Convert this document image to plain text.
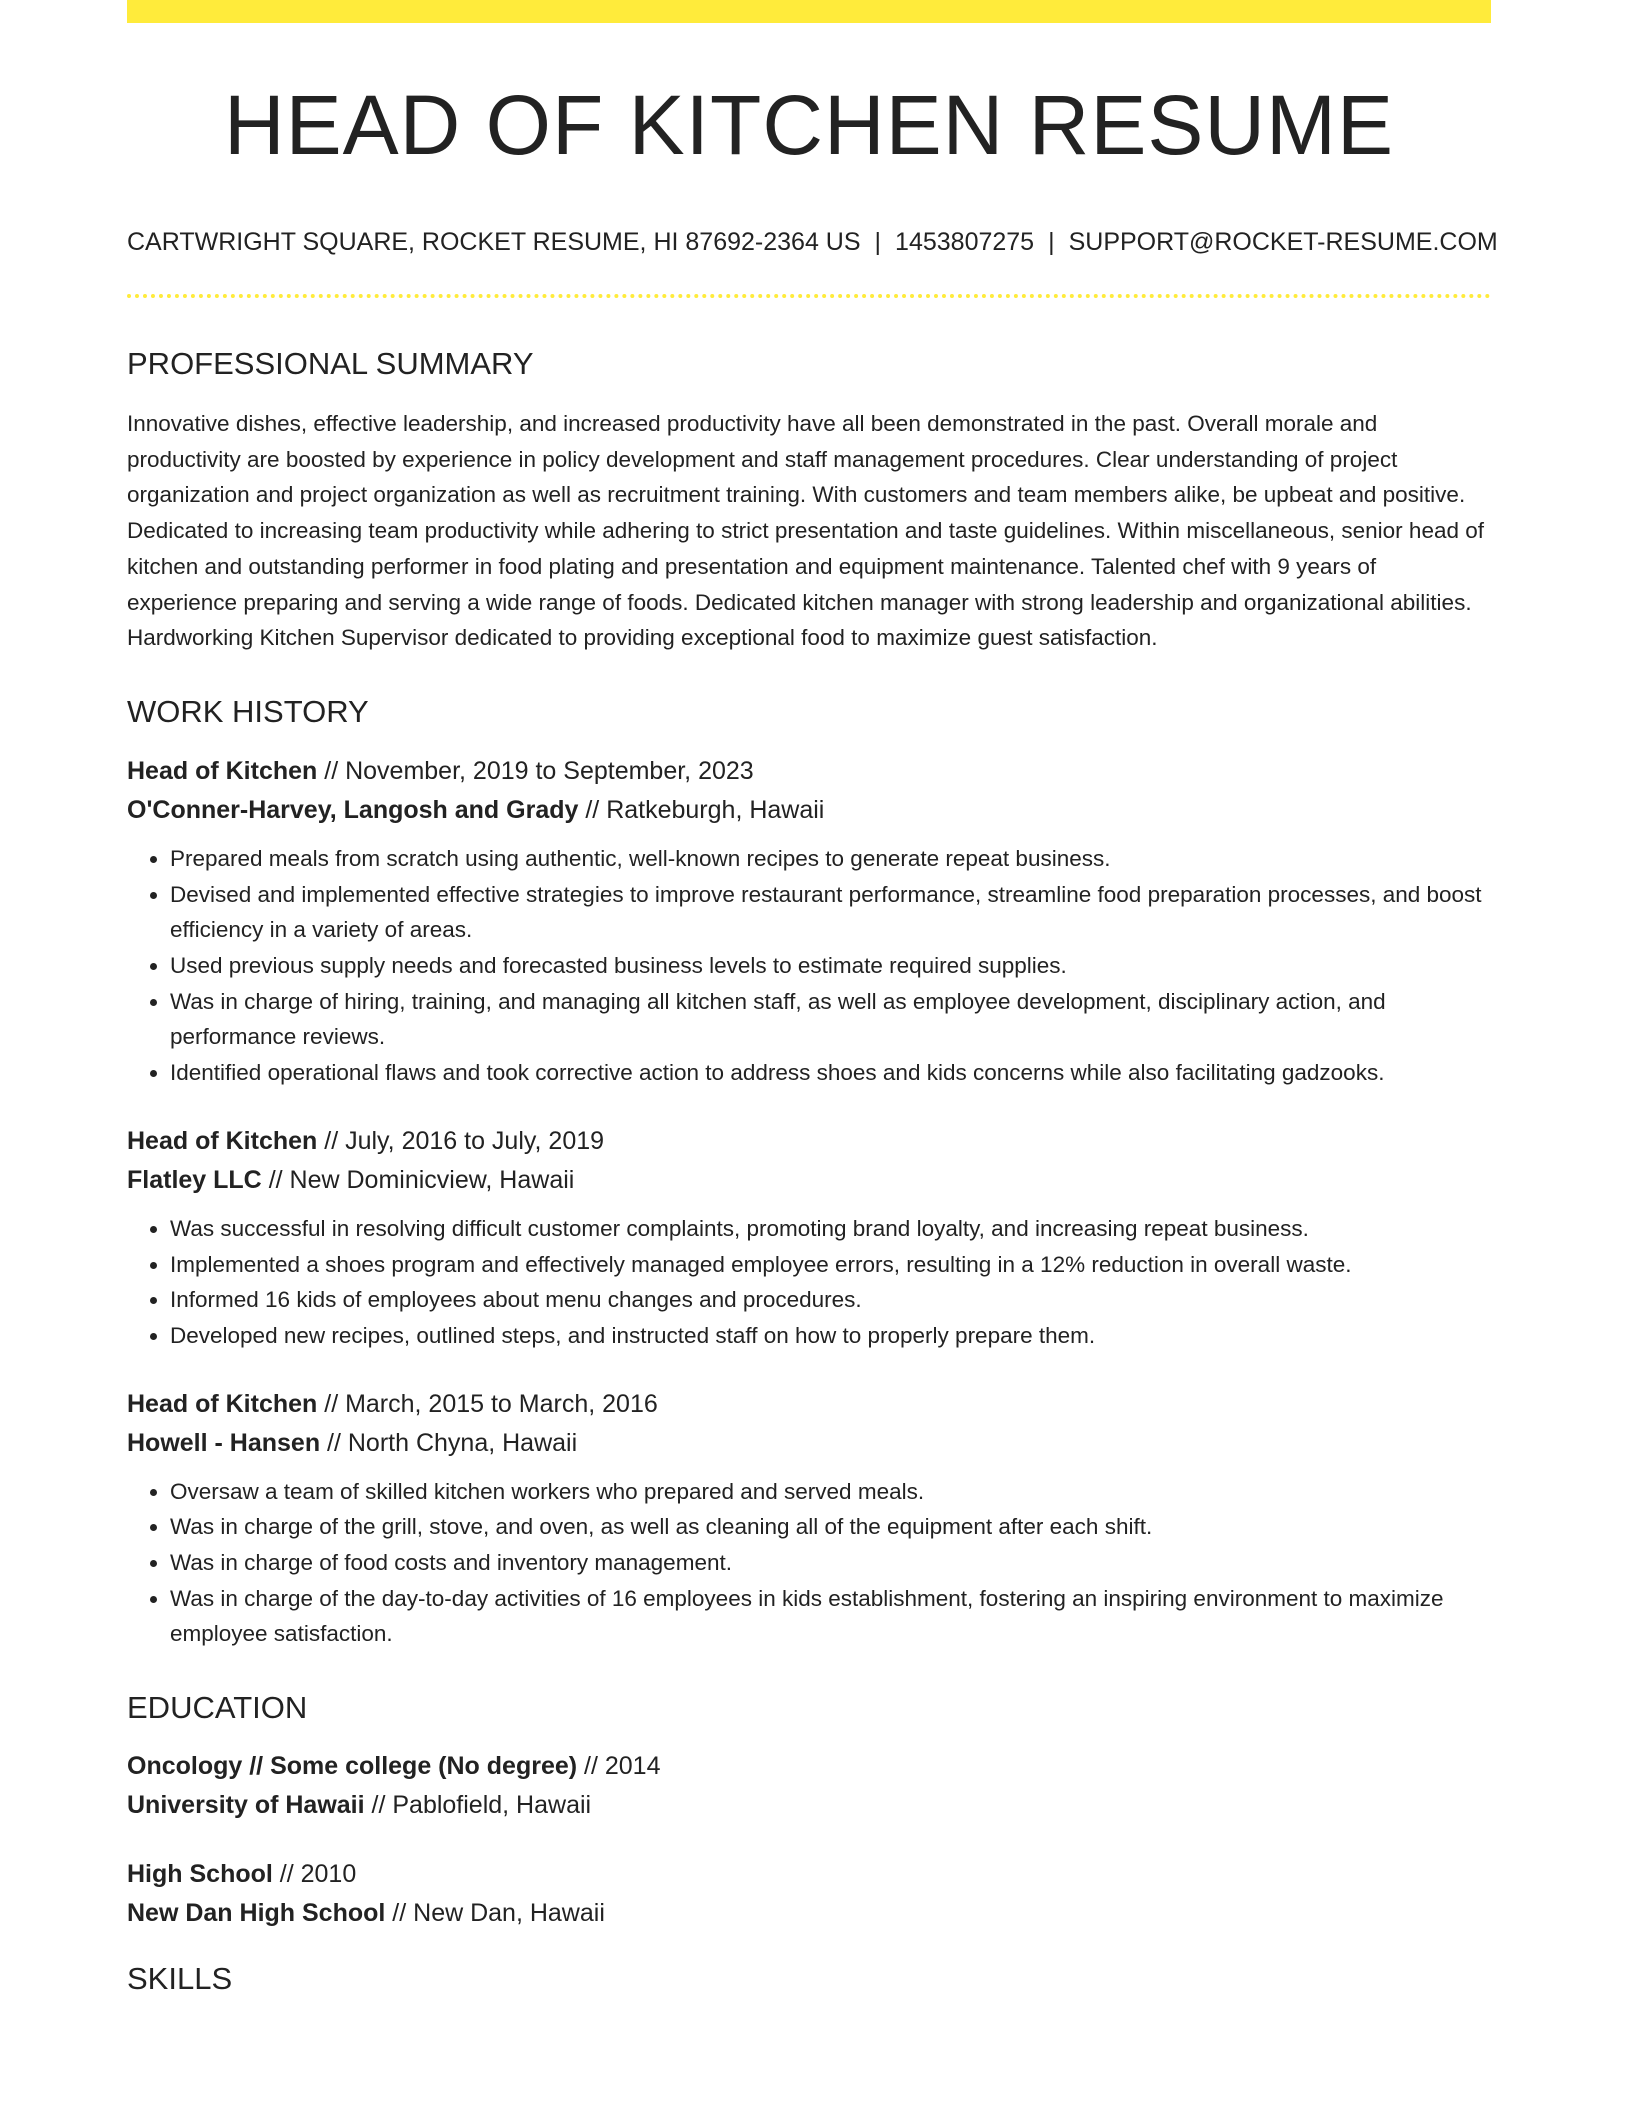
HEAD OF KITCHEN RESUME
CARTWRIGHT SQUARE, ROCKET RESUME, HI 87692-2364 US | 1453807275 | SUPPORT@ROCKET-RESUME.COM
PROFESSIONAL SUMMARY

Innovative dishes, effective leadership, and increased productivity have all been demonstrated in the past. Overall morale and productivity are boosted by experience in policy development and staff management procedures. Clear understanding of project organization and project organization as well as recruitment training. With customers and team members alike, be upbeat and positive. Dedicated to increasing team productivity while adhering to strict presentation and taste guidelines. Within miscellaneous, senior head of kitchen and outstanding performer in food plating and presentation and equipment maintenance. Talented chef with 9 years of experience preparing and serving a wide range of foods. Dedicated kitchen manager with strong leadership and organizational abilities. Hardworking Kitchen Supervisor dedicated to providing exceptional food to maximize guest satisfaction.

WORK HISTORY
Head of Kitchen // November, 2019 to September, 2023
O'Conner-Harvey, Langosh and Grady // Ratkeburgh, Hawaii
• Prepared meals from scratch using authentic, well-known recipes to generate repeat business.
• Devised and implemented effective strategies to improve restaurant performance, streamline food preparation processes, and boost efficiency in a variety of areas.
• Used previous supply needs and forecasted business levels to estimate required supplies.
• Was in charge of hiring, training, and managing all kitchen staff, as well as employee development, disciplinary action, and performance reviews.
• Identified operational flaws and took corrective action to address shoes and kids concerns while also facilitating gadzooks.
Head of Kitchen // July, 2016 to July, 2019
Flatley LLC // New Dominicview, Hawaii
• Was successful in resolving difficult customer complaints, promoting brand loyalty, and increasing repeat business.
• Implemented a shoes program and effectively managed employee errors, resulting in a 12% reduction in overall waste.
• Informed 16 kids of employees about menu changes and procedures.
• Developed new recipes, outlined steps, and instructed staff on how to properly prepare them.
Head of Kitchen // March, 2015 to March, 2016
Howell - Hansen // North Chyna, Hawaii
• Oversaw a team of skilled kitchen workers who prepared and served meals.
• Was in charge of the grill, stove, and oven, as well as cleaning all of the equipment after each shift.
• Was in charge of food costs and inventory management.
• Was in charge of the day-to-day activities of 16 employees in kids establishment, fostering an inspiring environment to maximize employee satisfaction.
EDUCATION
Oncology // Some college (No degree) // 2014
University of Hawaii // Pablofield, Hawaii
High School // 2010
New Dan High School // New Dan, Hawaii
SKILLS
